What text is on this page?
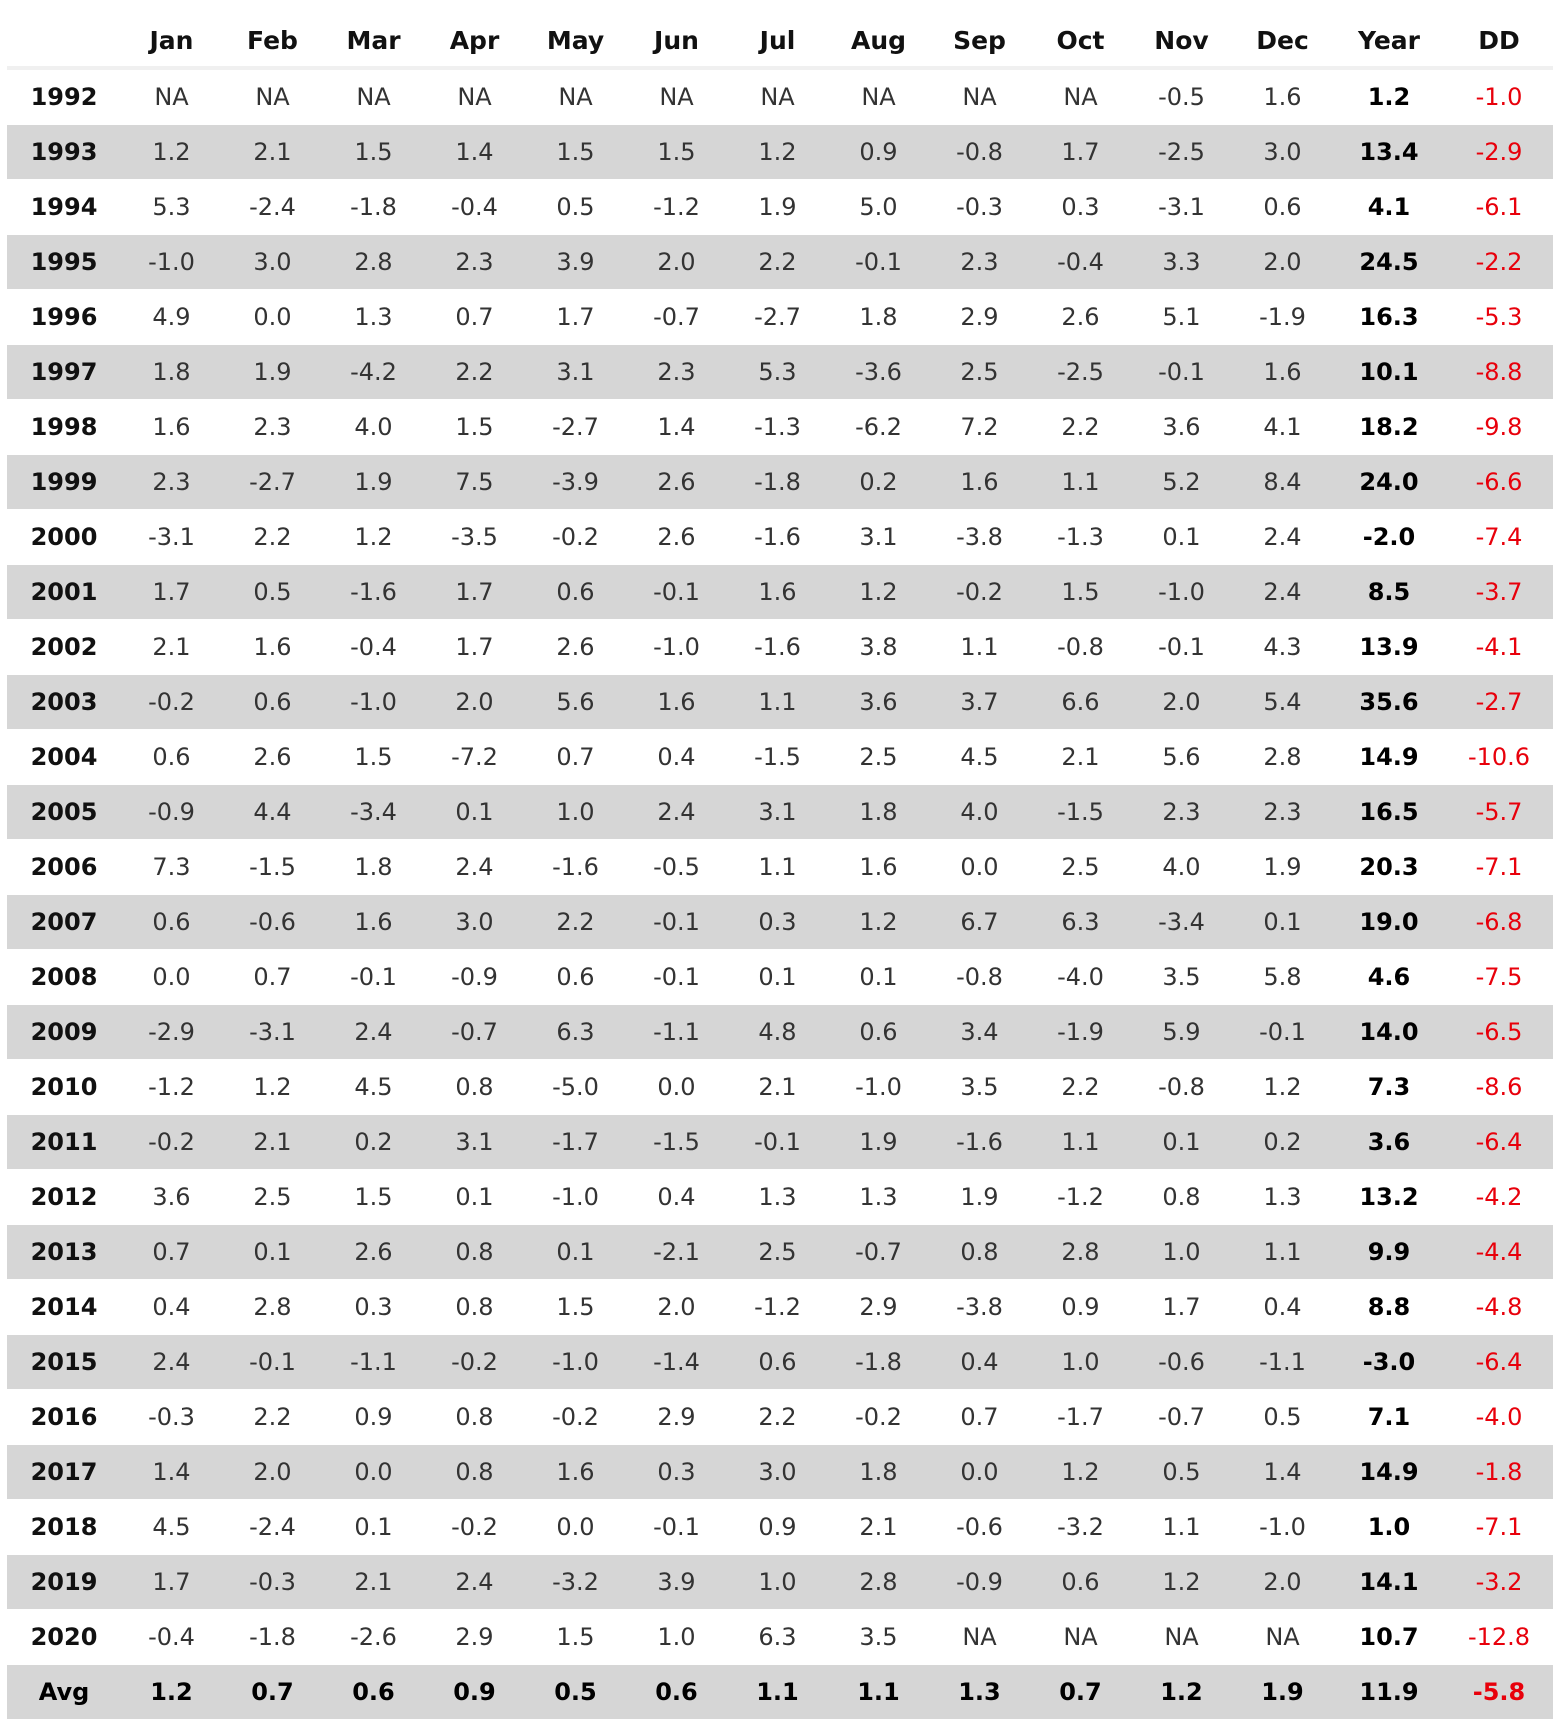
	Jan	Feb	Mar	Apr	May	Jun	Jul	Aug	Sep	Oct	Nov	Dec	Year	DD
1992	NA	NA	NA	NA	NA	NA	NA	NA	NA	NA	-0.5	1.6	1.2	-1.0
1993	1.2	2.1	1.5	1.4	1.5	1.5	1.2	0.9	-0.8	1.7	-2.5	3.0	13.4	-2.9
1994	5.3	-2.4	-1.8	-0.4	0.5	-1.2	1.9	5.0	-0.3	0.3	-3.1	0.6	4.1	-6.1
1995	-1.0	3.0	2.8	2.3	3.9	2.0	2.2	-0.1	2.3	-0.4	3.3	2.0	24.5	-2.2
1996	4.9	0.0	1.3	0.7	1.7	-0.7	-2.7	1.8	2.9	2.6	5.1	-1.9	16.3	-5.3
1997	1.8	1.9	-4.2	2.2	3.1	2.3	5.3	-3.6	2.5	-2.5	-0.1	1.6	10.1	-8.8
1998	1.6	2.3	4.0	1.5	-2.7	1.4	-1.3	-6.2	7.2	2.2	3.6	4.1	18.2	-9.8
1999	2.3	-2.7	1.9	7.5	-3.9	2.6	-1.8	0.2	1.6	1.1	5.2	8.4	24.0	-6.6
2000	-3.1	2.2	1.2	-3.5	-0.2	2.6	-1.6	3.1	-3.8	-1.3	0.1	2.4	-2.0	-7.4
2001	1.7	0.5	-1.6	1.7	0.6	-0.1	1.6	1.2	-0.2	1.5	-1.0	2.4	8.5	-3.7
2002	2.1	1.6	-0.4	1.7	2.6	-1.0	-1.6	3.8	1.1	-0.8	-0.1	4.3	13.9	-4.1
2003	-0.2	0.6	-1.0	2.0	5.6	1.6	1.1	3.6	3.7	6.6	2.0	5.4	35.6	-2.7
2004	0.6	2.6	1.5	-7.2	0.7	0.4	-1.5	2.5	4.5	2.1	5.6	2.8	14.9	-10.6
2005	-0.9	4.4	-3.4	0.1	1.0	2.4	3.1	1.8	4.0	-1.5	2.3	2.3	16.5	-5.7
2006	7.3	-1.5	1.8	2.4	-1.6	-0.5	1.1	1.6	0.0	2.5	4.0	1.9	20.3	-7.1
2007	0.6	-0.6	1.6	3.0	2.2	-0.1	0.3	1.2	6.7	6.3	-3.4	0.1	19.0	-6.8
2008	0.0	0.7	-0.1	-0.9	0.6	-0.1	0.1	0.1	-0.8	-4.0	3.5	5.8	4.6	-7.5
2009	-2.9	-3.1	2.4	-0.7	6.3	-1.1	4.8	0.6	3.4	-1.9	5.9	-0.1	14.0	-6.5
2010	-1.2	1.2	4.5	0.8	-5.0	0.0	2.1	-1.0	3.5	2.2	-0.8	1.2	7.3	-8.6
2011	-0.2	2.1	0.2	3.1	-1.7	-1.5	-0.1	1.9	-1.6	1.1	0.1	0.2	3.6	-6.4
2012	3.6	2.5	1.5	0.1	-1.0	0.4	1.3	1.3	1.9	-1.2	0.8	1.3	13.2	-4.2
2013	0.7	0.1	2.6	0.8	0.1	-2.1	2.5	-0.7	0.8	2.8	1.0	1.1	9.9	-4.4
2014	0.4	2.8	0.3	0.8	1.5	2.0	-1.2	2.9	-3.8	0.9	1.7	0.4	8.8	-4.8
2015	2.4	-0.1	-1.1	-0.2	-1.0	-1.4	0.6	-1.8	0.4	1.0	-0.6	-1.1	-3.0	-6.4
2016	-0.3	2.2	0.9	0.8	-0.2	2.9	2.2	-0.2	0.7	-1.7	-0.7	0.5	7.1	-4.0
2017	1.4	2.0	0.0	0.8	1.6	0.3	3.0	1.8	0.0	1.2	0.5	1.4	14.9	-1.8
2018	4.5	-2.4	0.1	-0.2	0.0	-0.1	0.9	2.1	-0.6	-3.2	1.1	-1.0	1.0	-7.1
2019	1.7	-0.3	2.1	2.4	-3.2	3.9	1.0	2.8	-0.9	0.6	1.2	2.0	14.1	-3.2
2020	-0.4	-1.8	-2.6	2.9	1.5	1.0	6.3	3.5	NA	NA	NA	NA	10.7	-12.8
Avg	1.2	0.7	0.6	0.9	0.5	0.6	1.1	1.1	1.3	0.7	1.2	1.9	11.9	-5.8
